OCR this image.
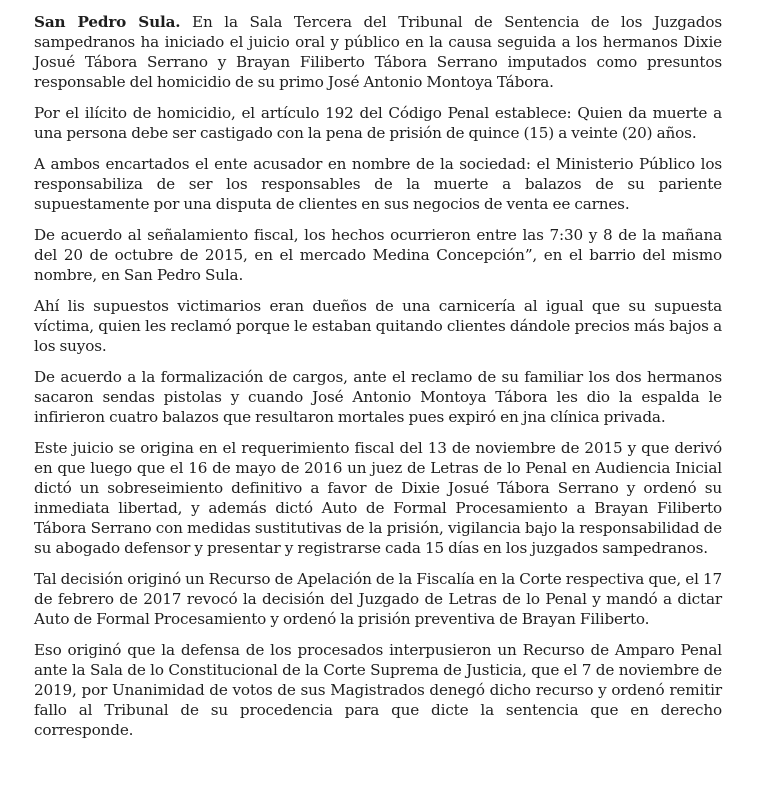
San Pedro Sula. En la Sala Tercera del Tribunal de Sentencia de los Juzgados sampedranos ha iniciado el juicio oral y público en la causa seguida a los hermanos Dixie Josué Tábora Serrano y Brayan Filiberto Tábora Serrano imputados como presuntos responsable del homicidio de su primo José Antonio Montoya Tábora.

Por el ilícito de homicidio, el artículo 192 del Código Penal establece: Quien da muerte a una persona debe ser castigado con la pena de prisión de quince (15) a veinte (20) años.

A ambos encartados el ente acusador en nombre de la sociedad: el Ministerio Público los responsabiliza de ser los responsables de la muerte a balazos de su pariente supuestamente por una disputa de clientes en sus negocios de venta ee carnes.

De acuerdo al señalamiento fiscal, los hechos ocurrieron entre las 7:30 y 8 de la mañana del 20 de octubre de 2015, en el mercado Medina Concepción”, en el barrio del mismo nombre, en San Pedro Sula.

Ahí lis supuestos victimarios eran dueños de una carnicería al igual que su supuesta víctima, quien les reclamó porque le estaban quitando clientes dándole precios más bajos a los suyos.

De acuerdo a la formalización de cargos, ante el reclamo de su familiar los dos hermanos sacaron sendas pistolas y cuando José Antonio Montoya Tábora les dio la espalda le infirieron cuatro balazos que resultaron mortales pues expiró en jna clínica privada.

Este juicio se origina en el requerimiento fiscal del 13 de noviembre de 2015 y que derivó en que luego que el 16 de mayo de 2016 un juez de Letras de lo Penal en Audiencia Inicial dictó un sobreseimiento definitivo a favor de Dixie Josué Tábora Serrano y ordenó su inmediata libertad, y además dictó Auto de Formal Procesamiento a Brayan Filiberto Tábora Serrano con medidas sustitutivas de la prisión, vigilancia bajo la responsabilidad de su abogado defensor y presentar y registrarse cada 15 días en los juzgados sampedranos.

Tal decisión originó un Recurso de Apelación de la Fiscalía en la Corte respectiva que, el 17 de febrero de 2017 revocó la decisión del Juzgado de Letras de lo Penal y mandó a dictar Auto de Formal Procesamiento y ordenó la prisión preventiva de Brayan Filiberto.

Eso originó que la defensa de los procesados interpusieron un Recurso de Amparo Penal ante la Sala de lo Constitucional de la Corte Suprema de Justicia, que el 7 de noviembre de 2019, por Unanimidad de votos de sus Magistrados denegó dicho recurso y ordenó remitir fallo al Tribunal de su procedencia para que dicte la sentencia que en derecho corresponde.
